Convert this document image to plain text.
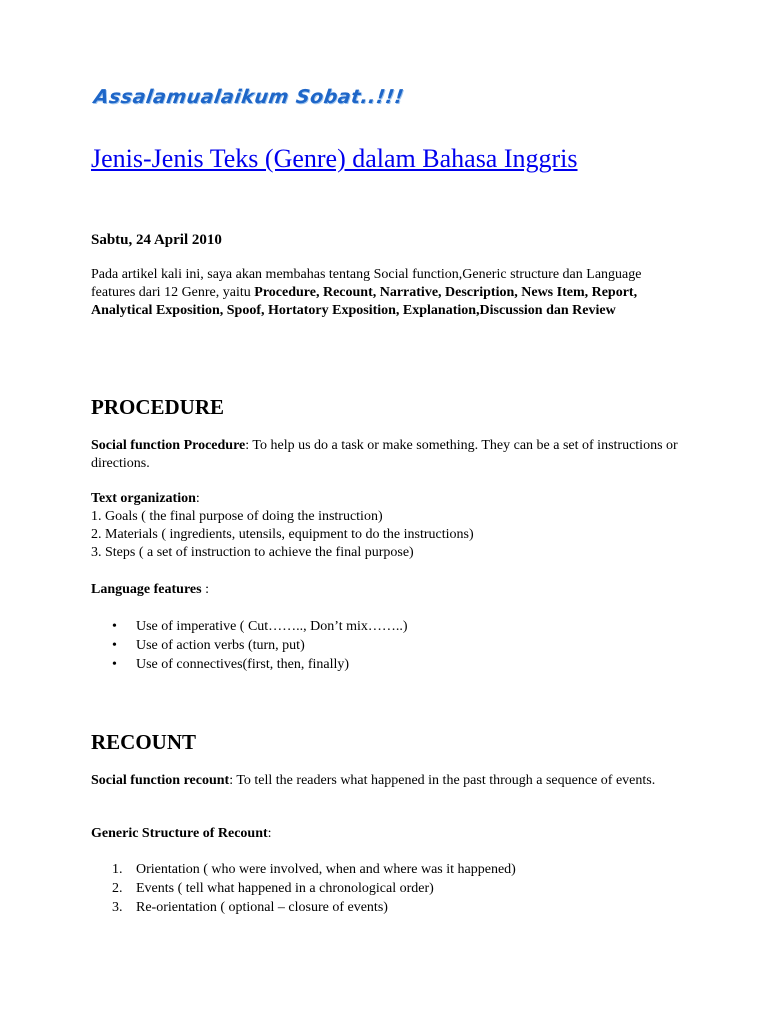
Assalamualaikum Sobat..!!!
Jenis-Jenis Teks (Genre) dalam Bahasa Inggris

Sabtu, 24 April 2010

Pada artikel kali ini, saya akan membahas tentang Social function,Generic structure dan Language features dari 12 Genre, yaitu Procedure, Recount, Narrative, Description, News Item, Report, Analytical Exposition, Spoof, Hortatory Exposition, Explanation,Discussion dan Review

PROCEDURE

Social function Procedure: To help us do a task or make something. They can be a set of instructions or directions.

Text organization:
1. Goals ( the final purpose of doing the instruction)
2. Materials ( ingredients, utensils, equipment to do the instructions)
3. Steps ( a set of instruction to achieve the final purpose)

Language features :

• Use of imperative ( Cut…….., Don’t mix……..)
• Use of action verbs (turn, put)
• Use of connectives(first, then, finally)
RECOUNT

Social function recount: To tell the readers what happened in the past through a sequence of events.

Generic Structure of Recount:

1. Orientation ( who were involved, when and where was it happened)
2. Events ( tell what happened in a chronological order)
3. Re-orientation ( optional – closure of events)
